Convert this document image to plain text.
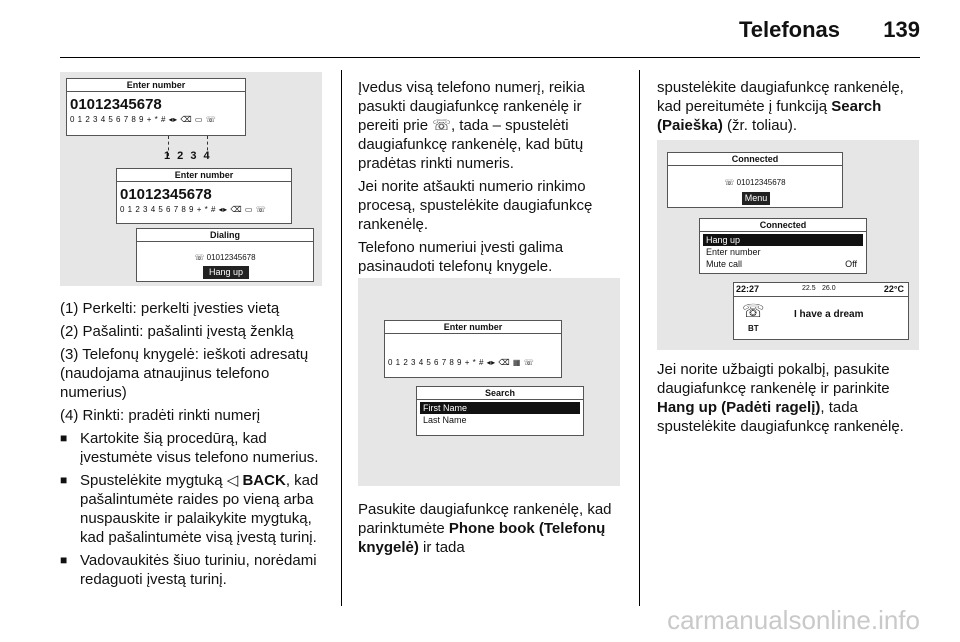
Telefonas 139
Enter number
01012345678
0 1 2 3 4 5 6 7 8 9 + * # ◂▸ ⌫ ▭ ☏
1 2 3 4
Enter number
01012345678
0 1 2 3 4 5 6 7 8 9 + * # ◂▸ ⌫ ▭ ☏
Dialing
☏ 01012345678
Hang up

(1) Perkelti: perkelti įvesties vietą

(2) Pašalinti: pašalinti įvestą ženklą

(3) Telefonų knygelė: ieškoti adresatų (naudojama atnaujinus telefono numerius)

(4) Rinkti: pradėti rinkti numerį

■ Kartokite šią procedūrą, kad įvestumėte visus telefono numerius.

■ Spustelėkite mygtuką ◁ BACK, kad pašalintumėte raides po vieną arba nuspauskite ir palaikykite mygtuką, kad pašalintumėte visą įvestą turinį.

■ Vadovaukitės šiuo turiniu, norėdami redaguoti įvestą turinį.

Įvedus visą telefono numerį, reikia pasukti daugiafunkcę rankenėlę ir pereiti prie ☏, tada – spustelėti daugiafunkcę rankenėlę, kad būtų pradėtas rinkti numeris.

Jei norite atšaukti numerio rinkimo procesą, spustelėkite daugiafunkcę rankenėlę.

Telefono numeriui įvesti galima pasinaudoti telefonų knygele.

Enter number
0 1 2 3 4 5 6 7 8 9 + * # ◂▸ ⌫ ▦ ☏
Search
First Name
Last Name

Pasukite daugiafunkcę rankenėlę, kad parinktumėte Phone book (Telefonų knygelė) ir tada

spustelėkite daugiafunkcę rankenėlę, kad pereitumėte į funkciją Search (Paieška) (žr. toliau).

Connected
☏ 01012345678
Menu
Connected
Hang up
Enter number
Mute call	Off
22:27	22.5 26.0	22°C
☏
BT
I have a dream

Jei norite užbaigti pokalbį, pasukite daugiafunkcę rankenėlę ir parinkite Hang up (Padėti ragelį), tada spustelėkite daugiafunkcę rankenėlę.

carmanualsonline.info
